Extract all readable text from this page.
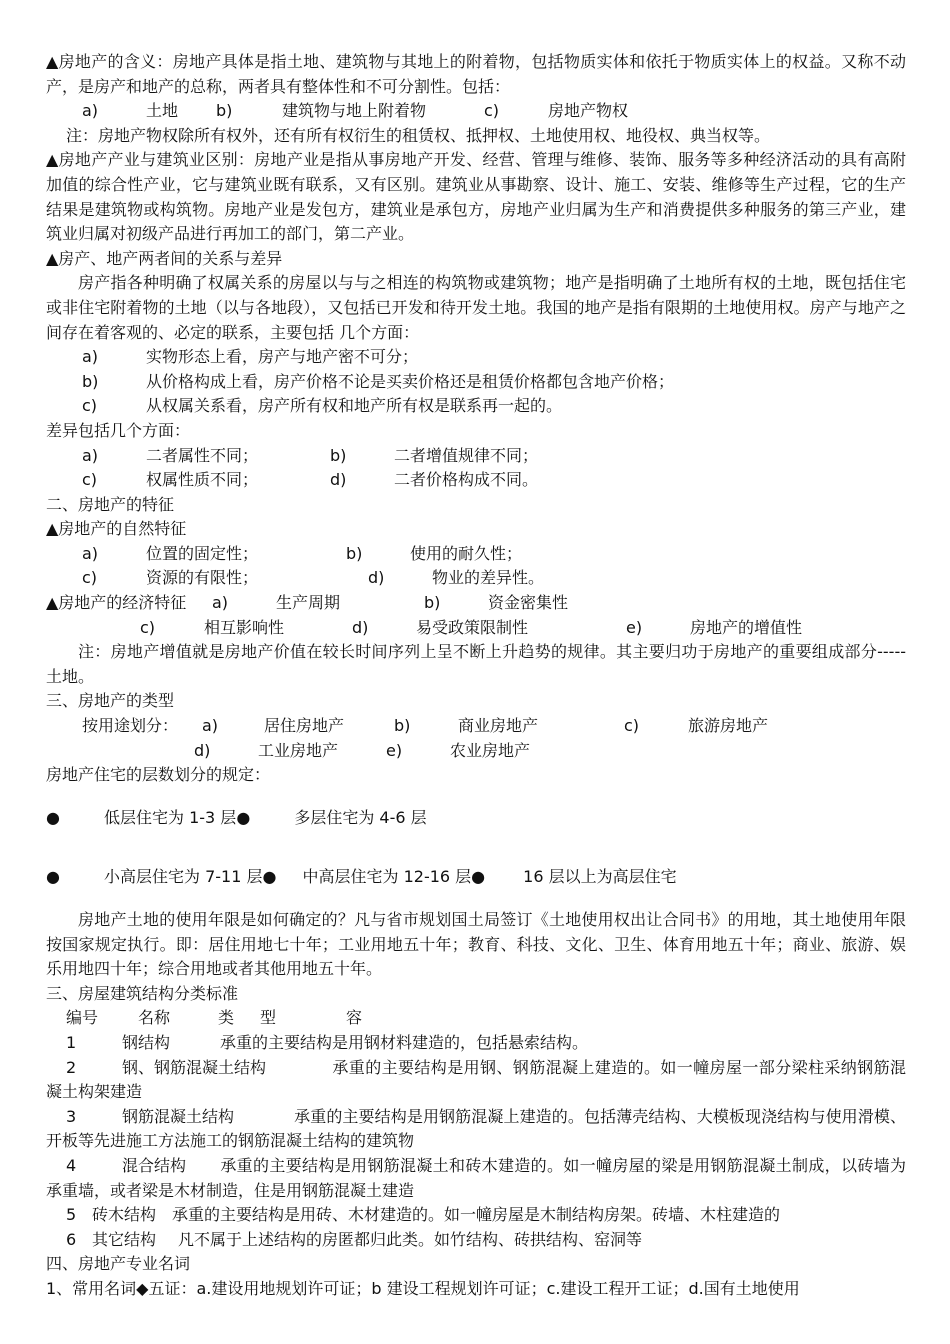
▲房地产的含义：房地产具体是指土地、建筑物与其地上的附着物，包括物质实体和依托于物质实体上的权益。又称不动产，是房产和地产的总称，两者具有整体性和不可分割性。包括：

a)	土地 b)	建筑物与地上附着物	c)	房地产物权

注：房地产物权除所有权外，还有所有权衍生的租赁权、抵押权、土地使用权、地役权、典当权等。

▲房地产产业与建筑业区别：房地产业是指从事房地产开发、经营、管理与维修、装饰、服务等多种经济活动的具有高附加值的综合性产业，它与建筑业既有联系，又有区别。建筑业从事勘察、设计、施工、安装、维修等生产过程，它的生产结果是建筑物或构筑物。房地产业是发包方，建筑业是承包方，房地产业归属为生产和消费提供多种服务的第三产业，建筑业归属对初级产品进行再加工的部门，第二产业。

▲房产、地产两者间的关系与差异

房产指各种明确了权属关系的房屋以与与之相连的构筑物或建筑物；地产是指明确了土地所有权的土地，既包括住宅或非住宅附着物的土地（以与各地段），又包括已开发和待开发土地。我国的地产是指有限期的土地使用权。房产与地产之间存在着客观的、必定的联系，主要包括 几个方面：

a)	实物形态上看，房产与地产密不可分；

b)	从价格构成上看，房产价格不论是买卖价格还是租赁价格都包含地产价格；

c)	从权属关系看，房产所有权和地产所有权是联系再一起的。

差异包括几个方面：

a)	二者属性不同；	b)	二者增值规律不同；

c)	权属性质不同；	d)	二者价格构成不同。

二、房地产的特征

▲房地产的自然特征

a)	位置的固定性；	b)	使用的耐久性；

c)	资源的有限性；	d)	物业的差异性。

▲房地产的经济特征 a)	生产周期	b)	资金密集性

c)	相互影响性	d)	易受政策限制性	e)	房地产的增值性

注：房地产增值就是房地产价值在较长时间序列上呈不断上升趋势的规律。其主要归功于房地产的重要组成部分-----土地。

三、房地产的类型

按用途划分： a)	居住房地产	b)	商业房地产	c)	旅游房地产

d)	工业房地产	e)	农业房地产

房地产住宅的层数划分的规定：

●	低层住宅为 1-3 层●	多层住宅为 4-6 层

●	小高层住宅为 7-11 层● 中高层住宅为 12-16 层● 16 层以上为高层住宅

房地产土地的使用年限是如何确定的？凡与省市规划国土局签订《土地使用权出让合同书》的用地，其土地使用年限按国家规定执行。即：居住用地七十年；工业用地五十年；教育、科技、文化、卫生、体育用地五十年；商业、旅游、娱乐用地四十年；综合用地或者其他用地五十年。

三、房屋建筑结构分类标准

编号 名称	类 型	容

1	钢结构	承重的主要结构是用钢材料建造的，包括悬索结构。

2	钢、钢筋混凝土结构	承重的主要结构是用钢、钢筋混凝上建造的。如一幢房屋一部分梁柱采纳钢筋混凝土构架建造

3	钢筋混凝土结构	承重的主要结构是用钢筋混凝上建造的。包括薄壳结构、大模板现浇结构与使用滑模、开板等先进施工方法施工的钢筋混凝土结构的建筑物

4	混合结构 承重的主要结构是用钢筋混凝土和砖木建造的。如一幢房屋的梁是用钢筋混凝土制成，以砖墙为承重墙，或者梁是木材制造，住是用钢筋混凝土建造

5 砖木结构 承重的主要结构是用砖、木材建造的。如一幢房屋是木制结构房架。砖墙、木柱建造的

6 其它结构 凡不属于上述结构的房匿都归此类。如竹结构、砖拱结构、窑洞等

四、房地产专业名词

1、常用名词◆五证：a.建设用地规划许可证；b 建设工程规划许可证；c.建设工程开工证；d.国有土地使用
